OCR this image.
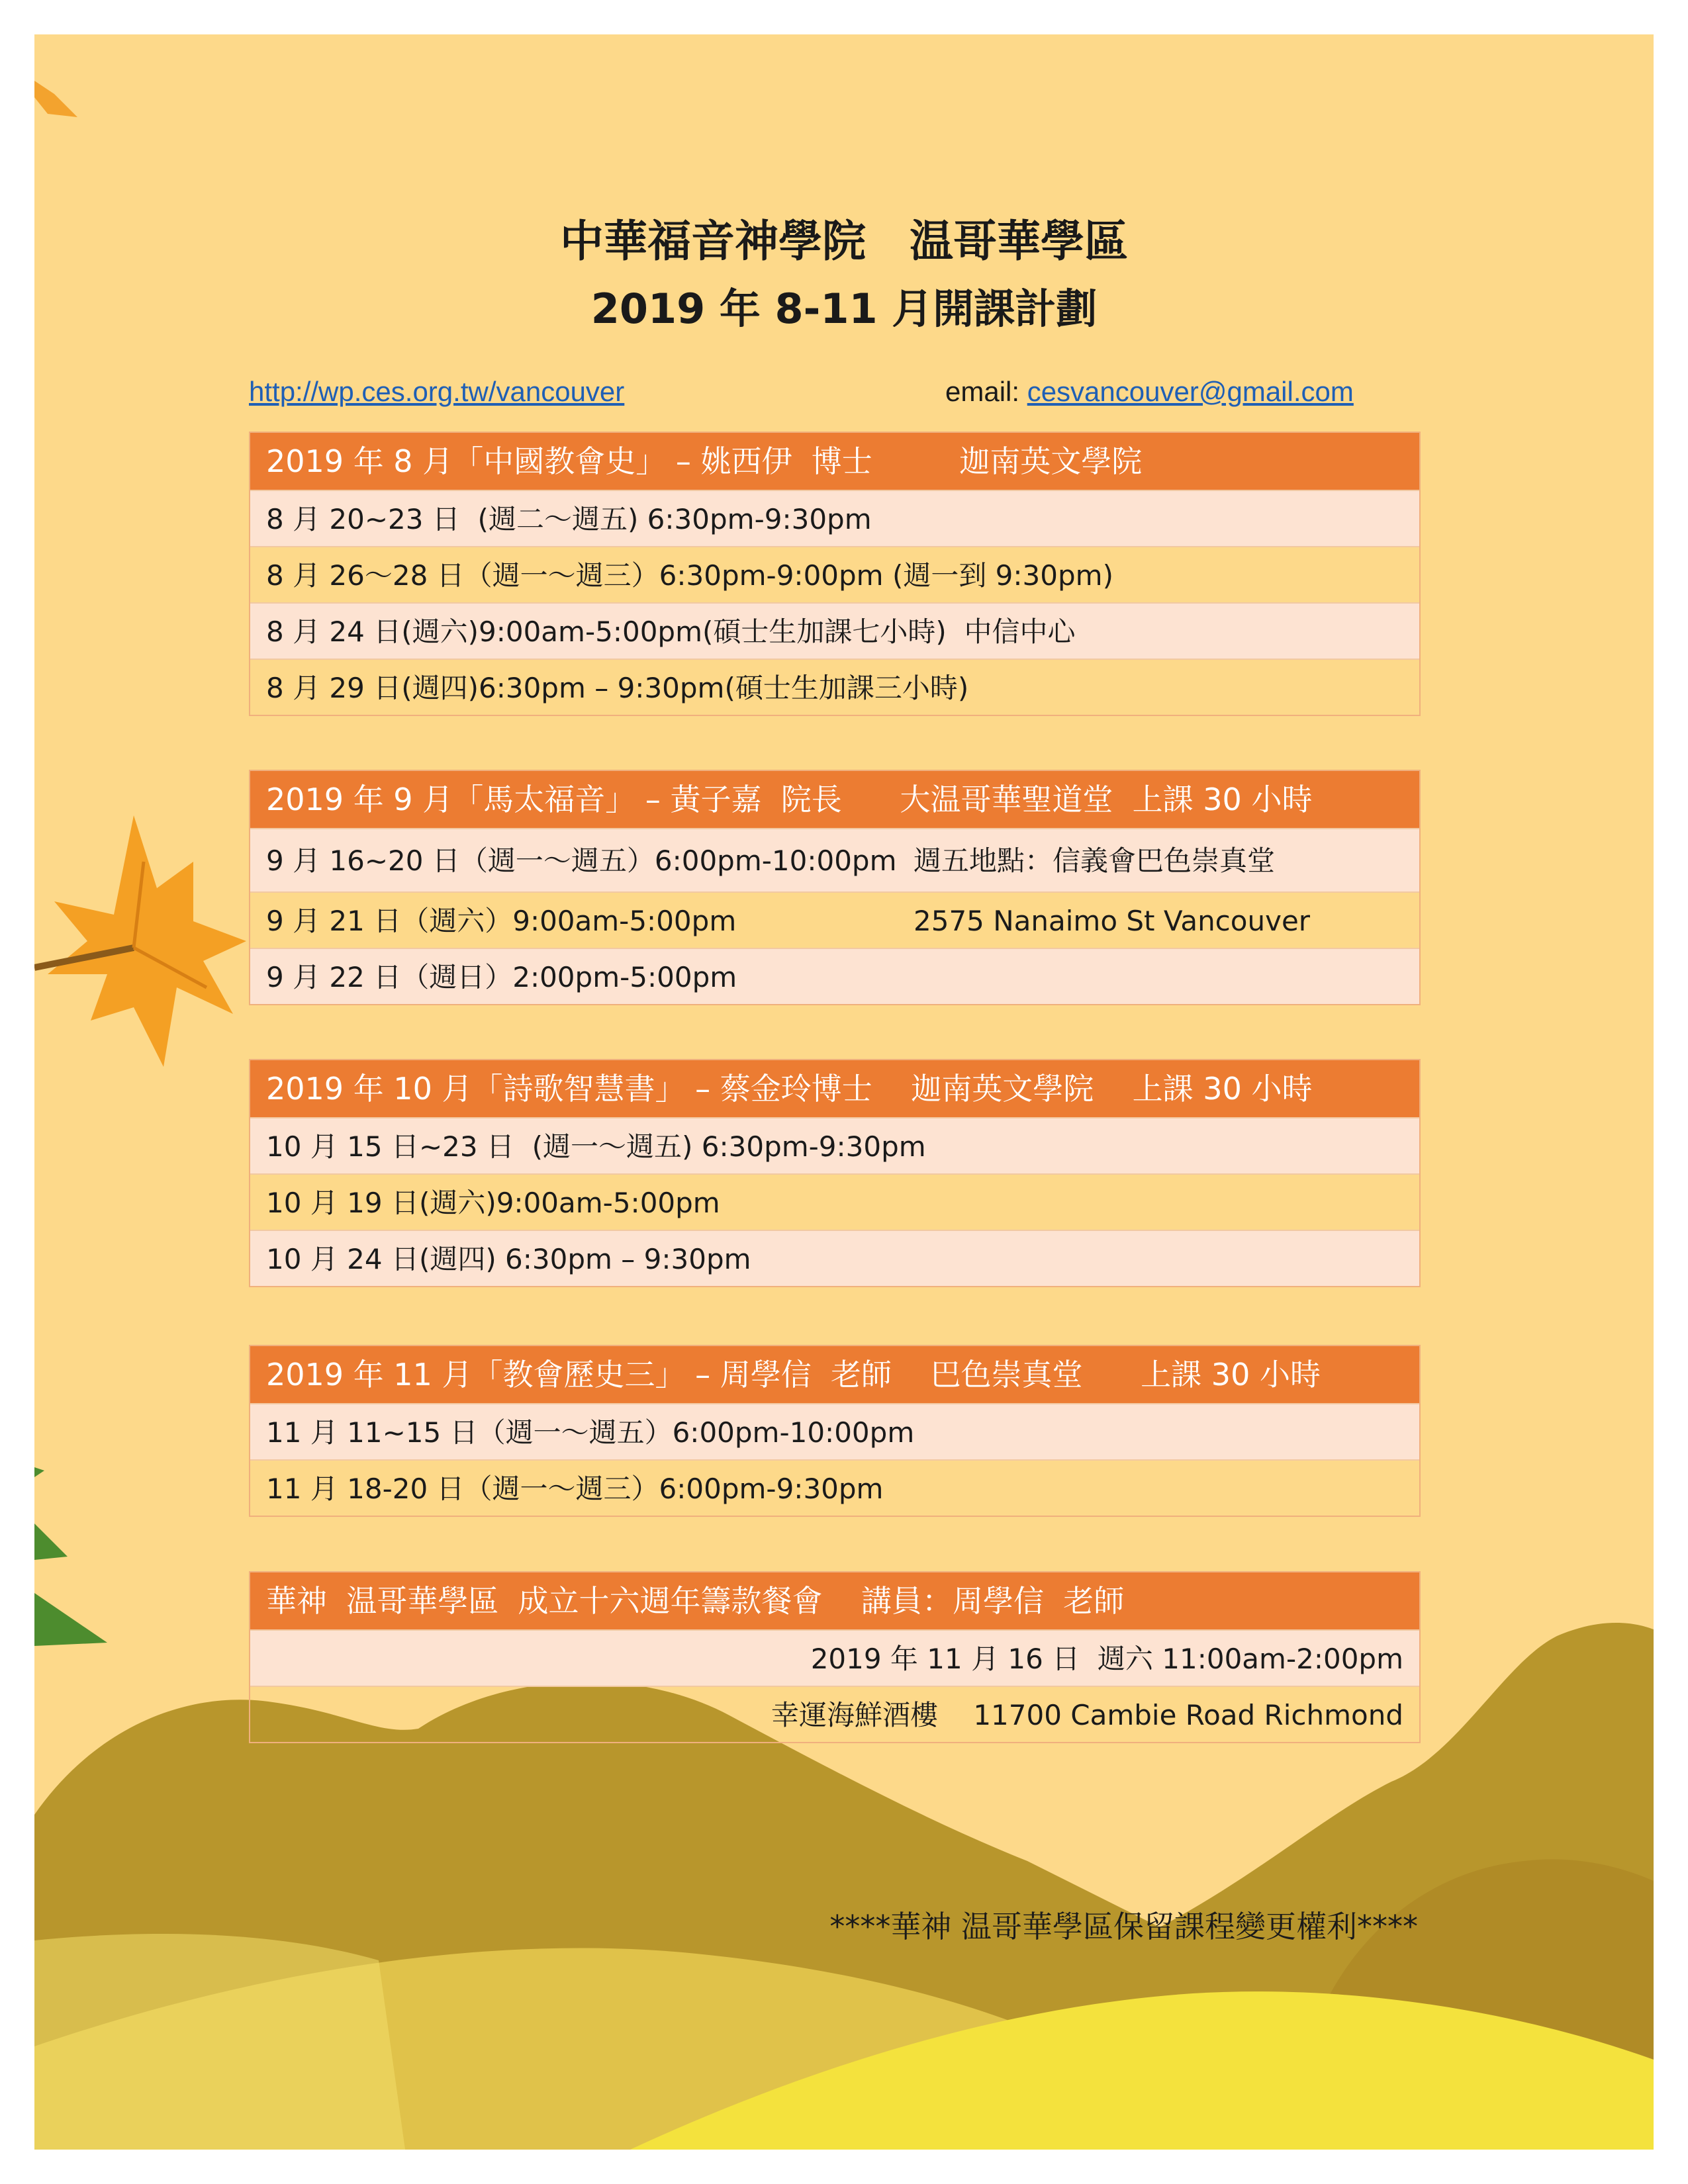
中華福音神學院　温哥華學區
2019 年 8-11 月開課計劃
http://wp.ces.org.tw/vancouver	email: cesvancouver@gmail.com
2019 年 8 月「中國教會史」 – 姚西伊  博士         迦南英文學院
8 月 20~23 日  (週二～週五) 6:30pm-9:30pm
8 月 26～28 日（週一～週三）6:30pm-9:00pm (週一到 9:30pm)
8 月 24 日(週六)9:00am-5:00pm(碩士生加課七小時)  中信中心
8 月 29 日(週四)6:30pm – 9:30pm(碩士生加課三小時)
2019 年 9 月「馬太福音」 – 黃子嘉  院長      大温哥華聖道堂  上課 30 小時
9 月 16~20 日（週一～週五）6:00pm-10:00pm 週五地點：信義會巴色崇真堂
9 月 21 日（週六）9:00am-5:00pm	2575 Nanaimo St Vancouver
9 月 22 日（週日）2:00pm-5:00pm
2019 年 10 月「詩歌智慧書」 – 蔡金玲博士    迦南英文學院    上課 30 小時
10 月 15 日~23 日  (週一～週五) 6:30pm-9:30pm
10 月 19 日(週六)9:00am-5:00pm
10 月 24 日(週四) 6:30pm – 9:30pm
2019 年 11 月「教會歷史三」 – 周學信  老師    巴色崇真堂      上課 30 小時
11 月 11~15 日（週一～週五）6:00pm-10:00pm
11 月 18-20 日（週一～週三）6:00pm-9:30pm
華神  温哥華學區  成立十六週年籌款餐會    講員：周學信  老師
2019 年 11 月 16 日  週六 11:00am-2:00pm
幸運海鮮酒樓    11700 Cambie Road Richmond

****華神 温哥華學區保留課程變更權利****
